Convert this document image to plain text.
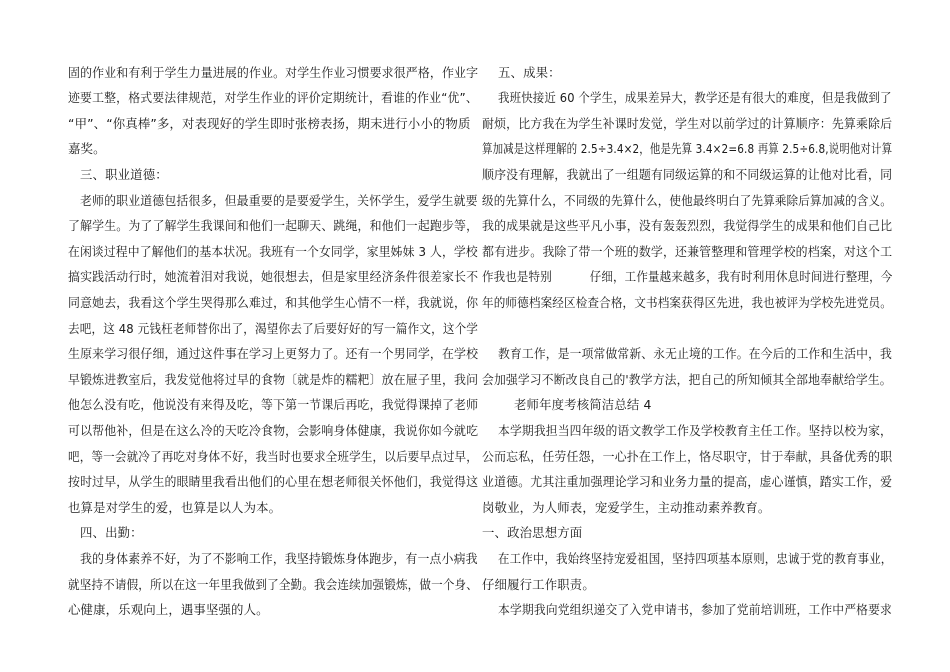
固的作业和有利于学生力量进展的作业。对学生作业习惯要求很严格，作业字
迹要工整，格式要法律规范，对学生作业的评价定期统计，看谁的作业“优”、
“甲”、“你真棒”多，对表现好的学生即时张榜表扬，期末进行小小的物质
嘉奖。
三、职业道德：
老师的职业道德包括很多，但最重要的是要爱学生，关怀学生，爱学生就要
了解学生。为了了解学生我课间和他们一起聊天、跳绳，和他们一起跑步等，
在闲谈过程中了解他们的基本状况。我班有一个女同学，家里姊妹 3 人，学校
搞实践活动行时，她流着泪对我说，她很想去，但是家里经济条件很差家长不
同意她去，我看这个学生哭得那么难过，和其他学生心情不一样，我就说，你
去吧，这 48 元钱枉老师替你出了，渴望你去了后要好好的写一篇作文，这个学
生原来学习很仔细，通过这件事在学习上更努力了。还有一个男同学，在学校
早锻炼进教室后，我发觉他将过早的食物〔就是炸的糯粑〕放在屉子里，我问
他怎么没有吃，他说没有来得及吃，等下第一节课后再吃，我觉得课掉了老师
可以帮他补，但是在这么冷的天吃冷食物，会影响身体健康，我说你如今就吃
吧，等一会就冷了再吃对身体不好，我当时也要求全班学生，以后要早点过早，
按时过早，从学生的眼睛里我看出他们的心里在想老师很关怀他们，我觉得这
也算是对学生的爱，也算是以人为本。
四、出勤：
我的身体素养不好，为了不影响工作，我坚持锻炼身体跑步，有一点小病我
就坚持不请假，所以在这一年里我做到了全勤。我会连续加强锻炼，做一个身、
心健康，乐观向上，遇事坚强的人。
五、成果：
我班快接近 60 个学生，成果差异大，教学还是有很大的难度，但是我做到了
耐烦，比方我在为学生补课时发觉，学生对以前学过的计算顺序：先算乘除后
算加减是这样理解的 2.5÷3.4×2，他是先算 3.4×2=6.8 再算 2.5÷6.8,说明他对计算
顺序没有理解，我就出了一组题有同级运算的和不同级运算的让他对比看，同
级的先算什么，不同级的先算什么，使他最终明白了先算乘除后算加减的含义。
我的成果就是这些平凡小事，没有轰轰烈烈，我觉得学生的成果和他们自己比
都有进步。我除了带一个班的数学，还兼管整理和管理学校的档案，对这个工
作我也是特别          仔细，工作量越来越多，我有时利用休息时间进行整理，今
年的师德档案经区检查合格，文书档案获得区先进，我也被评为学校先进党员。
教育工作，是一项常做常新、永无止境的工作。在今后的工作和生活中，我
会加强学习不断改良自己的'教学方法，把自己的所知倾其全部地奉献给学生。
老师年度考核简洁总结 4
本学期我担当四年级的语文教学工作及学校教育主任工作。坚持以校为家，
公而忘私，任劳任怨，一心扑在工作上，恪尽职守，甘于奉献，具备优秀的职
业道德。尤其注重加强理论学习和业务力量的提高，虚心谨慎，踏实工作，爱
岗敬业，为人师表，宠爱学生，主动推动素养教育。
一、政治思想方面
在工作中，我始终坚持宠爱祖国，坚持四项基本原则，忠诚于党的教育事业，
仔细履行工作职责。
本学期我向党组织递交了入党申请书，参加了党前培训班，工作中严格要求
